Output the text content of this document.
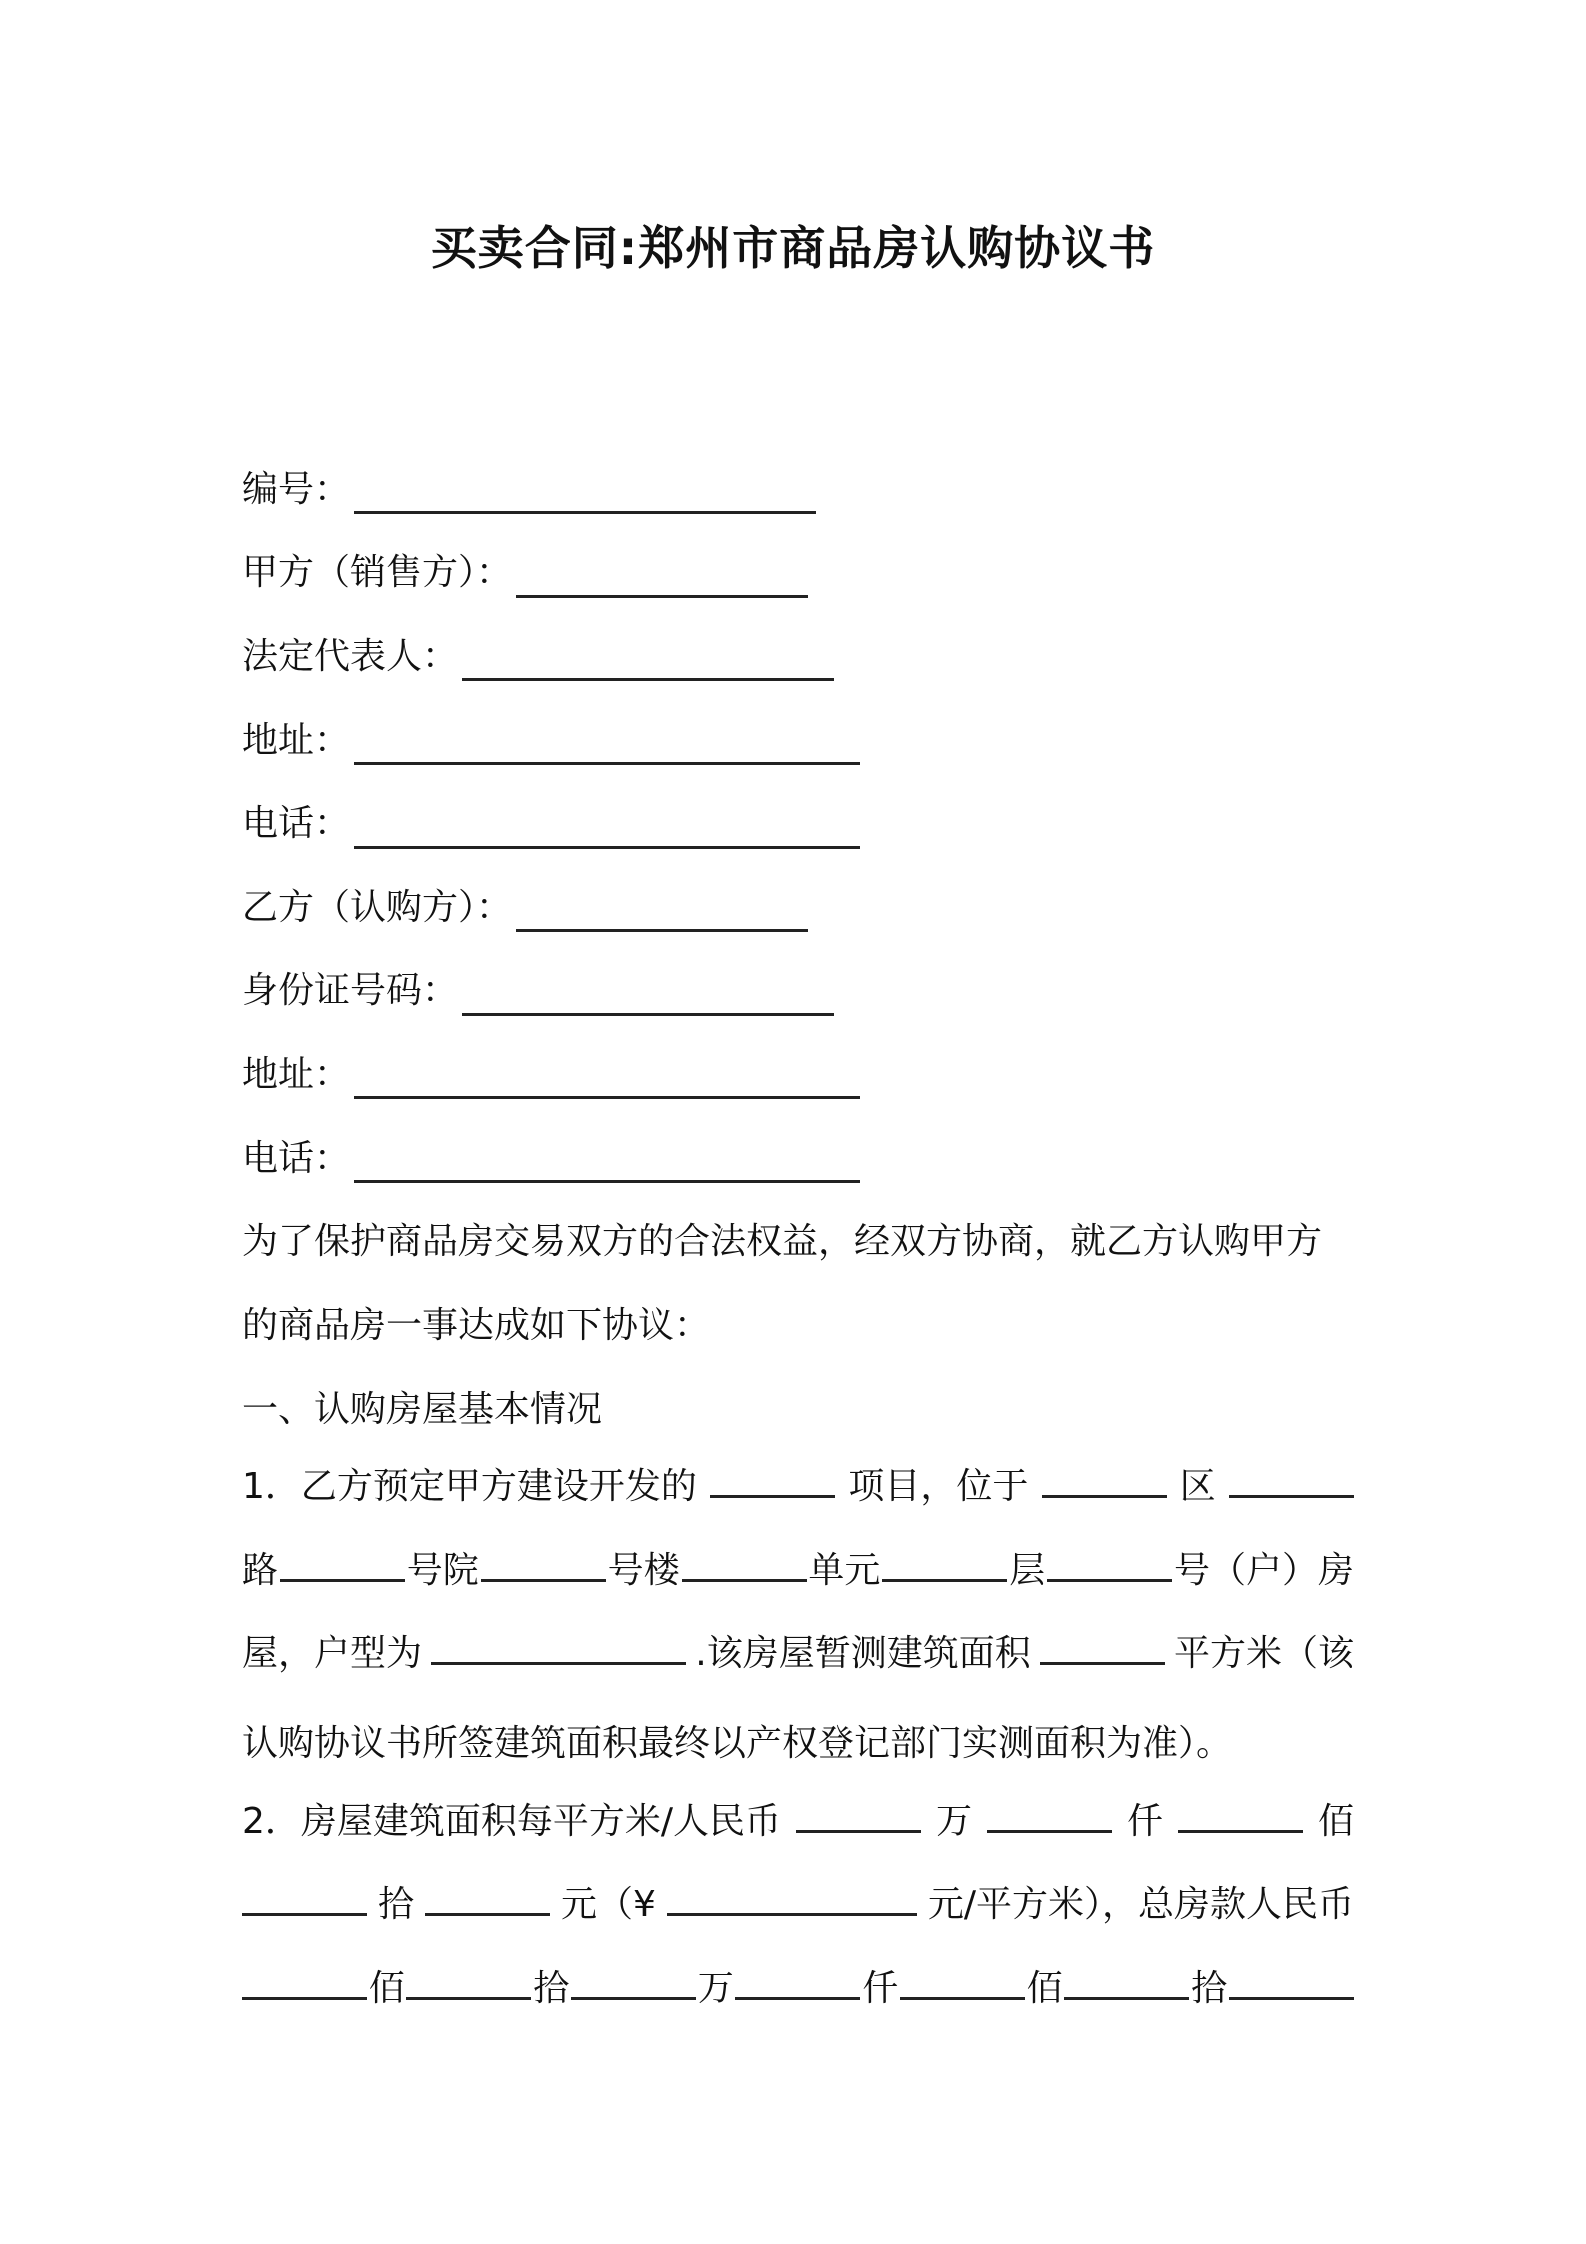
买卖合同:郑州市商品房认购协议书
编号：
甲方（销售方）：
法定代表人：
地址：
电话：
乙方（认购方）：
身份证号码：
地址：
电话：
为了保护商品房交易双方的合法权益，经双方协商，就乙方认购甲方
的商品房一事达成如下协议：
一、认购房屋基本情况
1．乙方预定甲方建设开发的	项目，位于	区
路	号院	号楼	单元	层	号（户）房
屋，户型为	.该房屋暂测建筑面积	平方米（该
认购协议书所签建筑面积最终以产权登记部门实测面积为准）。
2．房屋建筑面积每平方米/人民币	万	仟	佰
拾	元（¥	元/平方米），总房款人民币
佰	拾	万	仟	佰	拾
